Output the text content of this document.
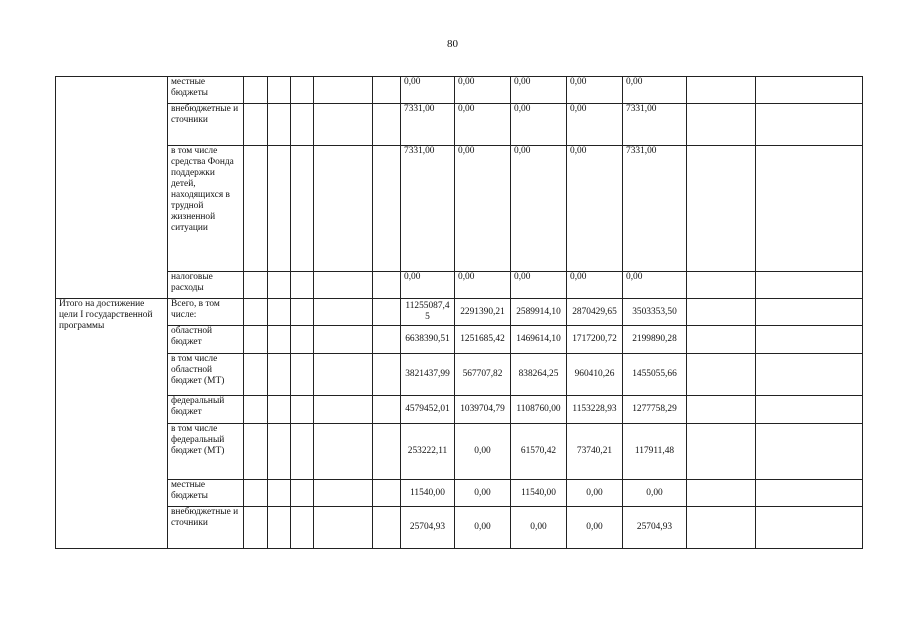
80
	местные бюджеты						0,00	0,00	0,00	0,00	0,00		
	внебюджетные источники						7331,00	0,00	0,00	0,00	7331,00		
	в том числе средства Фонда поддержки детей, находящихся в трудной жизненной ситуации						7331,00	0,00	0,00	0,00	7331,00		
	налоговые расходы						0,00	0,00	0,00	0,00	0,00		
Итого на достижение цели I государственной программы	Всего, в том числе:						11255087,45	2291390,21	2589914,10	2870429,65	3503353,50		
	областной бюджет						6638390,51	1251685,42	1469614,10	1717200,72	2199890,28		
	в том числе областной бюджет (МТ)						3821437,99	567707,82	838264,25	960410,26	1455055,66		
	федеральный бюджет						4579452,01	1039704,79	1108760,00	1153228,93	1277758,29		
	в том числе федеральный бюджет (МТ)						253222,11	0,00	61570,42	73740,21	117911,48		
	местные бюджеты						11540,00	0,00	11540,00	0,00	0,00		
	внебюджетные источники						25704,93	0,00	0,00	0,00	25704,93		
